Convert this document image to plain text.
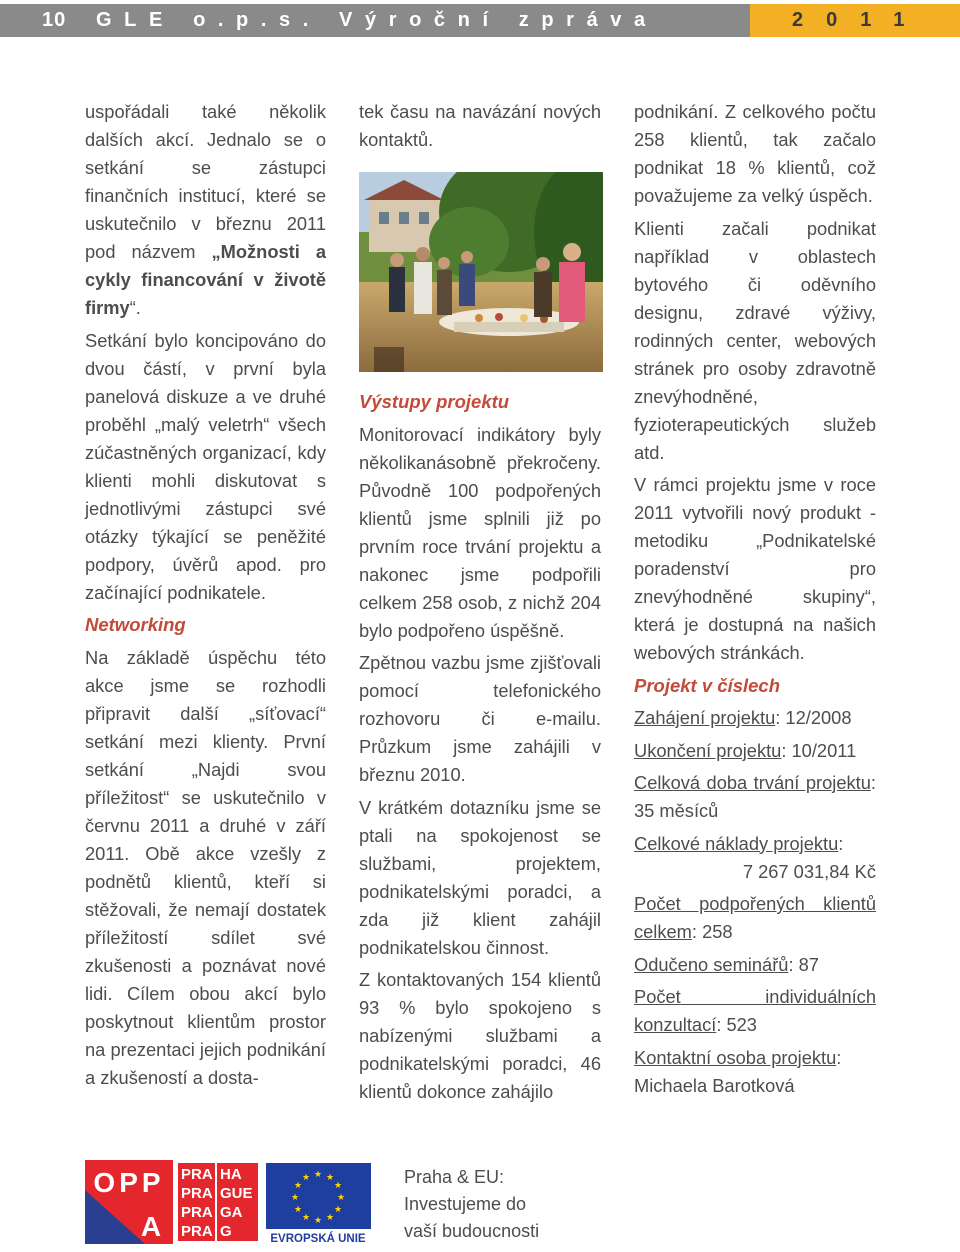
10 GLE o.p.s. Výroční zpráva	2011

uspořádali také několik dalších akcí. Jednalo se o setkání se zástupci finančních institucí, které se uskutečnilo v březnu 2011 pod názvem „Možnosti a cykly financování v životě firmy“.

Setkání bylo koncipováno do dvou částí, v první byla panelová diskuze a ve druhé proběhl „malý veletrh“ všech zúčastněných organizací, kdy klienti mohli diskutovat s jednotlivými zástupci své otázky týkající se peněžité podpory, úvěrů apod. pro začínající podnikatele.

Networking

Na základě úspěchu této akce jsme se rozhodli připravit další „síťovací“ setkání mezi klienty. První setkání „Najdi svou příležitost“ se uskutečnilo v červnu 2011 a druhé v září 2011. Obě akce vzešly z podnětů klientů, kteří si stěžovali, že nemají dostatek příležitostí sdílet své zkušenosti a poznávat nové lidi. Cílem obou akcí bylo poskytnout klientům prostor na prezentaci jejich podnikání a zkušeností a dosta-

tek času na navázání nových kontaktů.

Výstupy projektu

Monitorovací indikátory byly několikanásobně překročeny. Původně 100 podpořených klientů jsme splnili již po prvním roce trvání projektu a nakonec jsme podpořili celkem 258 osob, z nichž 204 bylo podpořeno úspěšně.

Zpětnou vazbu jsme zjišťovali pomocí telefonického rozhovoru či e-mailu. Průzkum jsme zahájili v březnu 2010.

V krátkém dotazníku jsme se ptali na spokojenost se službami, projektem, podnikatelskými poradci, a zda již klient zahájil podnikatelskou činnost.

Z kontaktovaných 154 klientů 93 % bylo spokojeno s nabízenými službami a podnikatelskými poradci, 46 klientů dokonce zahájilo

podnikání. Z celkového počtu 258 klientů, tak začalo podnikat 18 % klientů, což považujeme za velký úspěch.

Klienti začali podnikat například v oblastech bytového či oděvního designu, zdravé výživy, rodinných center, webových stránek pro osoby zdravotně znevýhodněné, fyzioterapeutických služeb atd.

V rámci projektu jsme v roce 2011 vytvořili nový produkt - metodiku „Podnikatelské poradenství pro znevýhodněné skupiny“, která je dostupná na našich webových stránkách.

Projekt v číslech

Zahájení projektu: 12/2008

Ukončení projektu: 10/2011

Celková doba trvání projektu: 35 měsíců

Celkové náklady projektu:

7 267 031,84 Kč

Počet podpořených klientů celkem: 258

Odučeno seminářů: 87

Počet individuálních konzultací: 523

Kontaktní osoba projektu:

Michaela Barotková

OPP
A
PRA HA
PRA GUE
PRA GA
PRA G
★ ★
★
★
★
★
★
★
★
★
★
★
EVROPSKÁ UNIE
Praha & EU:
Investujeme do
vaší budoucnosti
